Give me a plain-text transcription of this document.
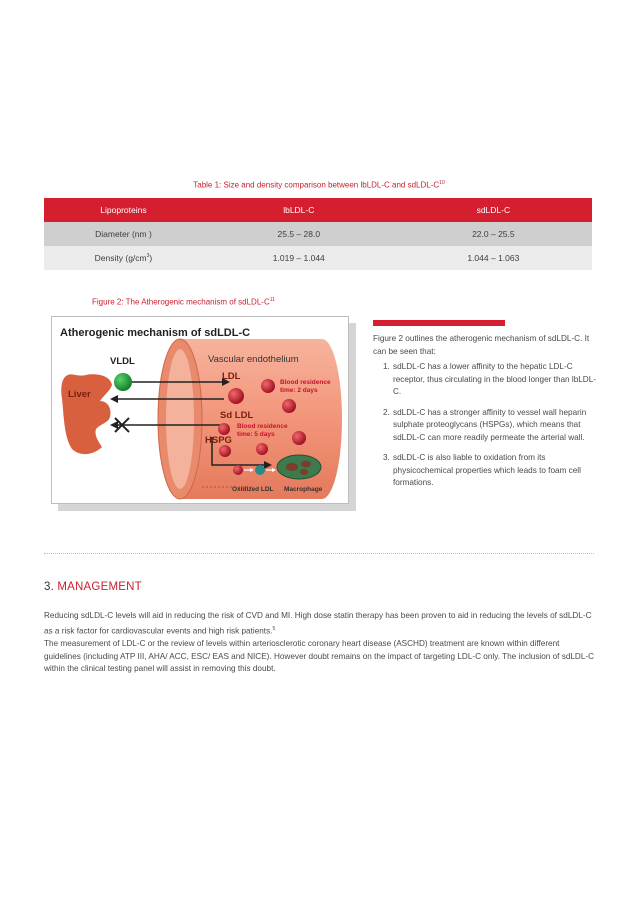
Table 1: Size and density comparison between lbLDL-C and sdLDL-$C^{10}$
Lipoproteins	lbLDL-C	sdLDL-C
Diameter (nm )	25.5 – 28.0	22.0 – 25.5
Density $(g/cm^3)$	1.019 – 1.044	1.044 – 1.063
Figure 2: The Atherogenic mechanism of sdLDL-$C^{11}$
Atherogenic mechanism of sdLDL-C
Vascular endothelium
Liver
VLDL
LDL
Blood residence
time: 2 days
Sd LDL
Blood residence
time: 5 days
HSPG
Oxidized LDL Macrophage
Figure 2 outlines the atherogenic mechanism of sdLDL-C. It can be seen that:
1. sdLDL-C has a lower affinity to the hepatic LDL-C receptor, thus circulating in the blood longer than lbLDL-C.
2. sdLDL-C has a stronger affinity to vessel wall heparin sulphate proteoglycans (HSPGs), which means that sdLDL-C can more readily permeate the arterial wall.
3. sdLDL-C is also liable to oxidation from its physicochemical properties which leads to foam cell formations.
3. MANAGEMENT
Reducing sdLDL-C levels will aid in reducing the risk of CVD and MI. High dose statin therapy has been proven to aid in reducing the levels of sdLDL-C as a risk factor for cardiovascular events and high risk patients.$^5$
The measurement of LDL-C or the review of levels within arteriosclerotic coronary heart disease (ASCHD) treatment are known within different guidelines (including ATP III, AHA/ ACC, ESC/ EAS and NICE). However doubt remains on the impact of targeting LDL-C only. The inclusion of sdLDL-C within the clinical testing panel will assist in removing this doubt.
